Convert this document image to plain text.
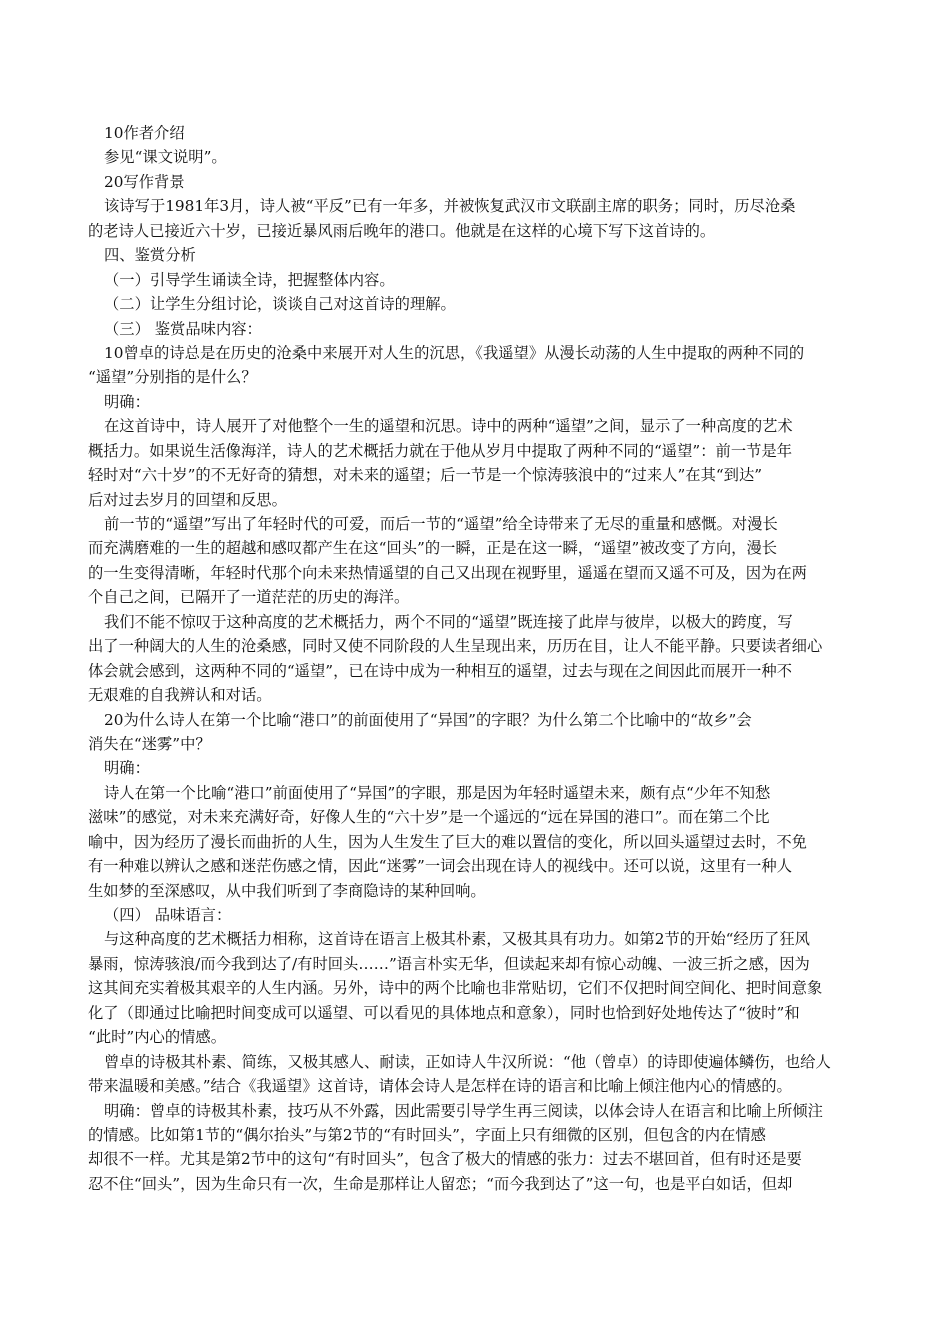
10作者介绍

参见“课文说明”。

20写作背景

该诗写于1981年3月，诗人被“平反”已有一年多，并被恢复武汉市文联副主席的职务；同时，历尽沧桑

的老诗人已接近六十岁，已接近暴风雨后晚年的港口。他就是在这样的心境下写下这首诗的。

四、鉴赏分析

（一）引导学生诵读全诗，把握整体内容。

（二）让学生分组讨论，谈谈自己对这首诗的理解。

（三） 鉴赏品味内容：

10曾卓的诗总是在历史的沧桑中来展开对人生的沉思，《我遥望》从漫长动荡的人生中提取的两种不同的

“遥望”分别指的是什么？

明确：

在这首诗中，诗人展开了对他整个一生的遥望和沉思。诗中的两种“遥望”之间，显示了一种高度的艺术

概括力。如果说生活像海洋，诗人的艺术概括力就在于他从岁月中提取了两种不同的“遥望”：前一节是年

轻时对“六十岁”的不无好奇的猜想，对未来的遥望；后一节是一个惊涛骇浪中的“过来人”在其“到达”

后对过去岁月的回望和反思。

前一节的“遥望”写出了年轻时代的可爱，而后一节的“遥望”给全诗带来了无尽的重量和感慨。对漫长

而充满磨难的一生的超越和感叹都产生在这“回头”的一瞬，正是在这一瞬，“遥望”被改变了方向，漫长

的一生变得清晰，年轻时代那个向未来热情遥望的自己又出现在视野里，遥遥在望而又遥不可及，因为在两

个自己之间，已隔开了一道茫茫的历史的海洋。

我们不能不惊叹于这种高度的艺术概括力，两个不同的“遥望”既连接了此岸与彼岸，以极大的跨度，写

出了一种阔大的人生的沧桑感，同时又使不同阶段的人生呈现出来，历历在目，让人不能平静。只要读者细心

体会就会感到，这两种不同的“遥望”，已在诗中成为一种相互的遥望，过去与现在之间因此而展开一种不

无艰难的自我辨认和对话。

20为什么诗人在第一个比喻“港口”的前面使用了“异国”的字眼？为什么第二个比喻中的“故乡”会

消失在“迷雾”中？

明确：

诗人在第一个比喻“港口”前面使用了“异国”的字眼，那是因为年轻时遥望未来，颇有点“少年不知愁

滋味”的感觉，对未来充满好奇，好像人生的“六十岁”是一个遥远的“远在异国的港口”。而在第二个比

喻中，因为经历了漫长而曲折的人生，因为人生发生了巨大的难以置信的变化，所以回头遥望过去时，不免

有一种难以辨认之感和迷茫伤感之情，因此“迷雾”一词会出现在诗人的视线中。还可以说，这里有一种人

生如梦的至深感叹，从中我们听到了李商隐诗的某种回响。

（四） 品味语言：

与这种高度的艺术概括力相称，这首诗在语言上极其朴素，又极其具有功力。如第2节的开始“经历了狂风

暴雨，惊涛骇浪/而今我到达了/有时回头……”语言朴实无华，但读起来却有惊心动魄、一波三折之感，因为

这其间充实着极其艰辛的人生内涵。另外，诗中的两个比喻也非常贴切，它们不仅把时间空间化、把时间意象

化了（即通过比喻把时间变成可以遥望、可以看见的具体地点和意象），同时也恰到好处地传达了“彼时”和

“此时”内心的情感。

曾卓的诗极其朴素、简练，又极其感人、耐读，正如诗人牛汉所说：“他（曾卓）的诗即使遍体鳞伤，也给人

带来温暖和美感。”结合《我遥望》这首诗，请体会诗人是怎样在诗的语言和比喻上倾注他内心的情感的。

明确：曾卓的诗极其朴素，技巧从不外露，因此需要引导学生再三阅读，以体会诗人在语言和比喻上所倾注

的情感。比如第1节的“偶尔抬头”与第2节的“有时回头”，字面上只有细微的区别，但包含的内在情感

却很不一样。尤其是第2节中的这句“有时回头”，包含了极大的情感的张力：过去不堪回首，但有时还是要

忍不住“回头”，因为生命只有一次，生命是那样让人留恋；“而今我到达了”这一句，也是平白如话，但却
